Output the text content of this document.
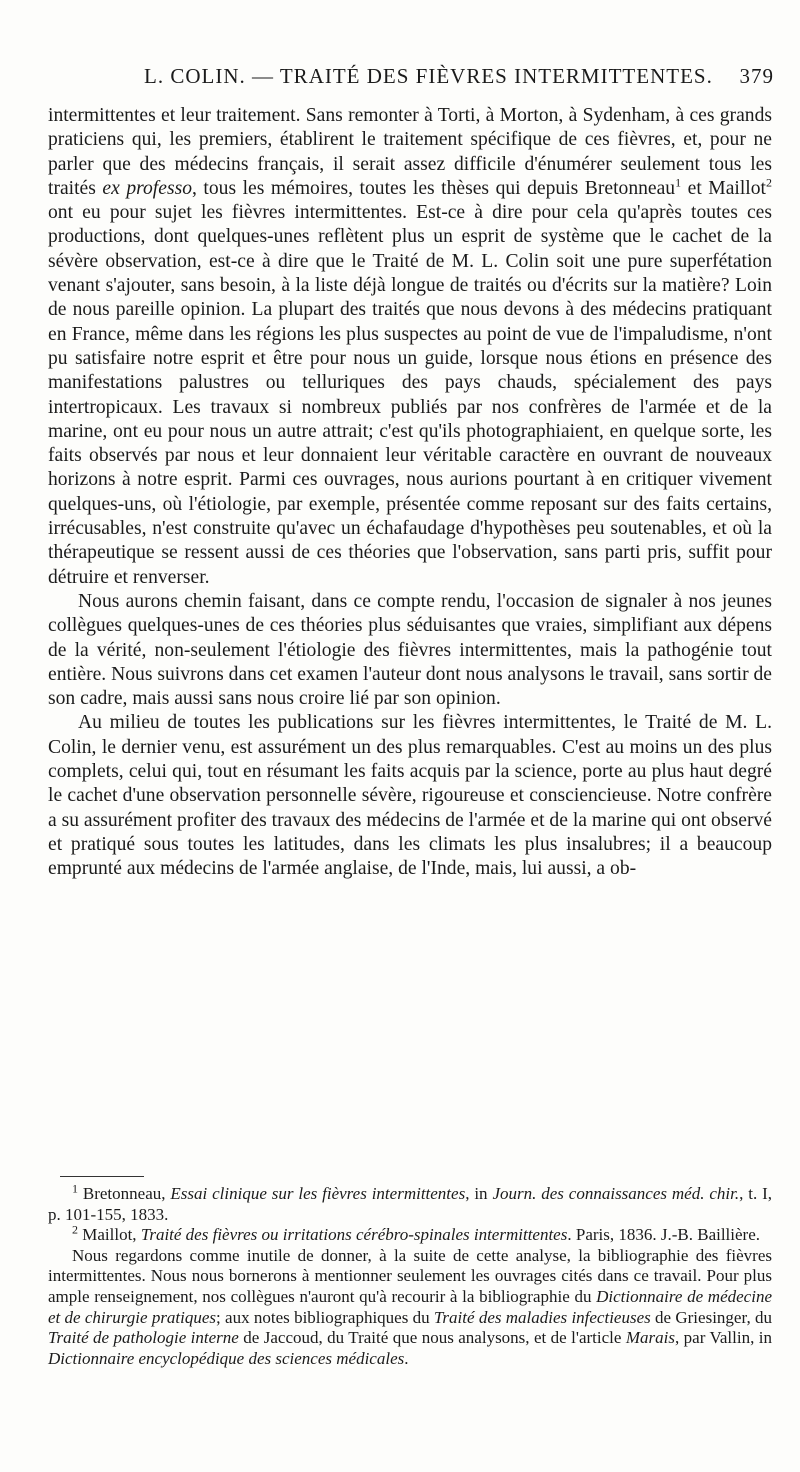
L. COLIN. — TRAITÉ DES FIÈVRES INTERMITTENTES. 379

intermittentes et leur traitement. Sans remonter à Torti, à Morton, à Sydenham, à ces grands praticiens qui, les premiers, établirent le traitement spécifique de ces fièvres, et, pour ne parler que des médecins français, il serait assez difficile d'énumérer seulement tous les traités ex professo, tous les mémoires, toutes les thèses qui depuis Bretonneau$^1$ et Maillot$^2$ ont eu pour sujet les fièvres intermittentes. Est-ce à dire pour cela qu'après toutes ces productions, dont quelques-unes reflètent plus un esprit de système que le cachet de la sévère observation, est-ce à dire que le Traité de M. L. Colin soit une pure superfétation venant s'ajouter, sans besoin, à la liste déjà longue de traités ou d'écrits sur la matière? Loin de nous pareille opinion. La plupart des traités que nous devons à des médecins pratiquant en France, même dans les régions les plus suspectes au point de vue de l'impaludisme, n'ont pu satisfaire notre esprit et être pour nous un guide, lorsque nous étions en présence des manifestations palustres ou telluriques des pays chauds, spécialement des pays intertropicaux. Les travaux si nombreux publiés par nos confrères de l'armée et de la marine, ont eu pour nous un autre attrait; c'est qu'ils photographiaient, en quelque sorte, les faits observés par nous et leur donnaient leur véritable caractère en ouvrant de nouveaux horizons à notre esprit. Parmi ces ouvrages, nous aurions pourtant à en critiquer vivement quelques-uns, où l'étiologie, par exemple, présentée comme reposant sur des faits certains, irrécusables, n'est construite qu'avec un échafaudage d'hypothèses peu soutenables, et où la thérapeutique se ressent aussi de ces théories que l'observation, sans parti pris, suffit pour détruire et renverser.

Nous aurons chemin faisant, dans ce compte rendu, l'occasion de signaler à nos jeunes collègues quelques-unes de ces théories plus séduisantes que vraies, simplifiant aux dépens de la vérité, non-seulement l'étiologie des fièvres intermittentes, mais la pathogénie tout entière. Nous suivrons dans cet examen l'auteur dont nous analysons le travail, sans sortir de son cadre, mais aussi sans nous croire lié par son opinion.

Au milieu de toutes les publications sur les fièvres intermittentes, le Traité de M. L. Colin, le dernier venu, est assurément un des plus remarquables. C'est au moins un des plus complets, celui qui, tout en résumant les faits acquis par la science, porte au plus haut degré le cachet d'une observation personnelle sévère, rigoureuse et consciencieuse. Notre confrère a su assurément profiter des travaux des médecins de l'armée et de la marine qui ont observé et pratiqué sous toutes les latitudes, dans les climats les plus insalubres; il a beaucoup emprunté aux médecins de l'armée anglaise, de l'Inde, mais, lui aussi, a ob-

$^1$ Bretonneau, Essai clinique sur les fièvres intermittentes, in Journ. des connaissances méd. chir., t. I, p. 101-155, 1833.

$^2$ Maillot, Traité des fièvres ou irritations cérébro-spinales intermittentes. Paris, 1836. J.-B. Baillière.

Nous regardons comme inutile de donner, à la suite de cette analyse, la bibliographie des fièvres intermittentes. Nous nous bornerons à mentionner seulement les ouvrages cités dans ce travail. Pour plus ample renseignement, nos collègues n'auront qu'à recourir à la bibliographie du Dictionnaire de médecine et de chirurgie pratiques; aux notes bibliographiques du Traité des maladies infectieuses de Griesinger, du Traité de pathologie interne de Jaccoud, du Traité que nous analysons, et de l'article Marais, par Vallin, in Dictionnaire encyclopédique des sciences médicales.
